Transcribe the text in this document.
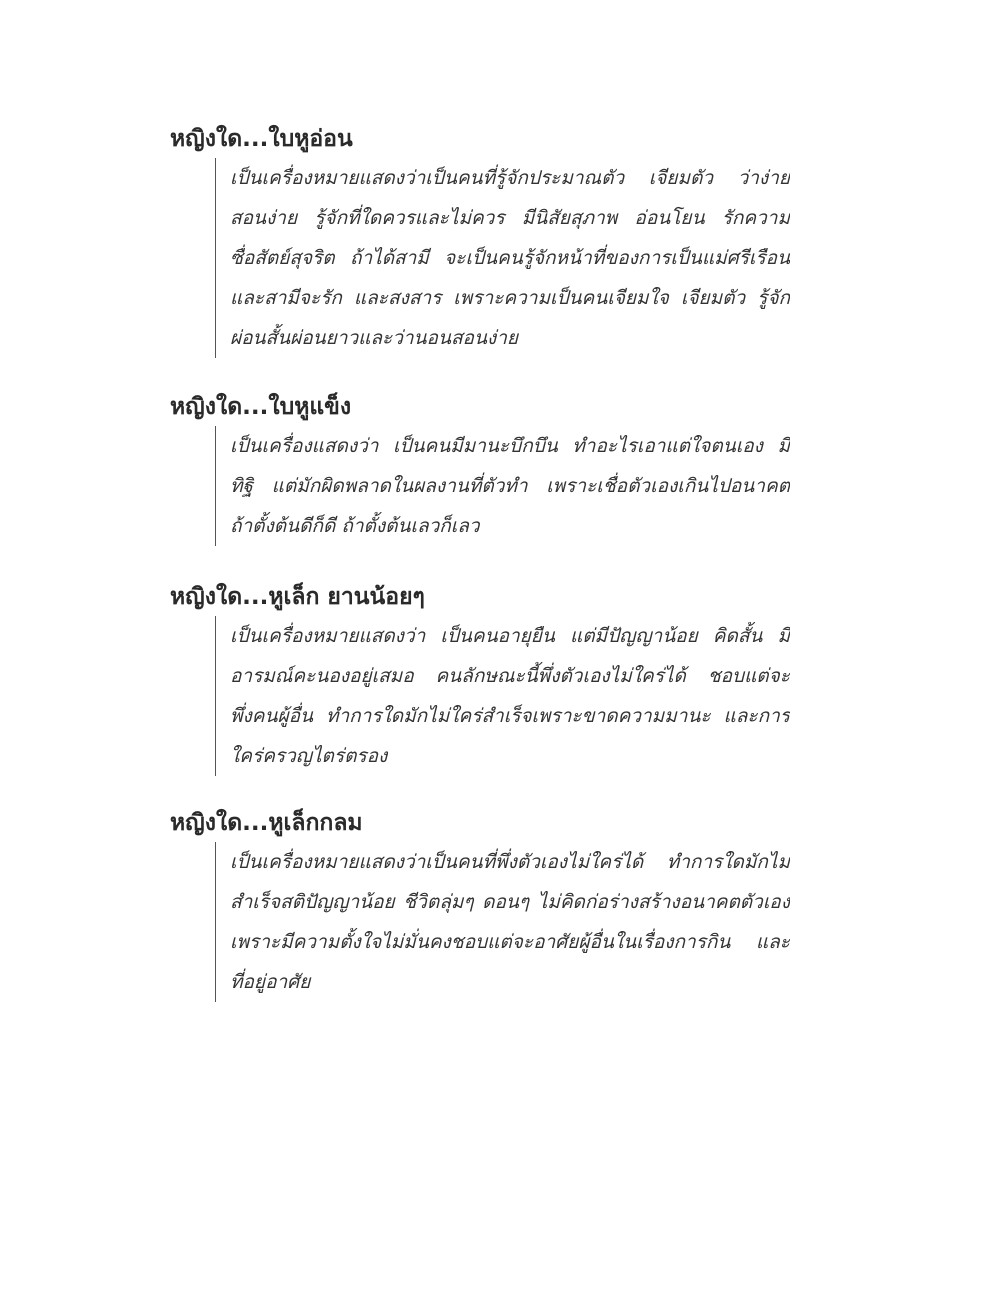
หญิงใด...ใบหูอ่อน
เป็นเครื่องหมายแสดงว่าเป็นคนที่รู้จักประมาณตัว เจียมตัว ว่าง่าย
สอนง่าย รู้จักที่ใดควรและไม่ควร มีนิสัยสุภาพ อ่อนโยน รักความ
ซื่อสัตย์สุจริต ถ้าได้สามี จะเป็นคนรู้จักหน้าที่ของการเป็นแม่ศรีเรือน
และสามีจะรัก และสงสาร เพราะความเป็นคนเจียมใจ เจียมตัว รู้จัก
ผ่อนสั้นผ่อนยาวและว่านอนสอนง่าย
หญิงใด...ใบหูแข็ง
เป็นเครื่องแสดงว่า เป็นคนมีมานะบึกบึน ทำอะไรเอาแต่ใจตนเอง มี
ทิฐิ แต่มักผิดพลาดในผลงานที่ตัวทำ เพราะเชื่อตัวเองเกินไปอนาคต
ถ้าตั้งต้นดีก็ดี ถ้าตั้งต้นเลวก็เลว
หญิงใด...หูเล็ก ยานน้อยๆ
เป็นเครื่องหมายแสดงว่า เป็นคนอายุยืน แต่มีปัญญาน้อย คิดสั้น มี
อารมณ์คะนองอยู่เสมอ คนลักษณะนี้พึ่งตัวเองไม่ใคร่ได้ ชอบแต่จะ
พึ่งคนผู้อื่น ทำการใดมักไม่ใคร่สำเร็จเพราะขาดความมานะ และการ
ใคร่ครวญไตร่ตรอง
หญิงใด...หูเล็กกลม
เป็นเครื่องหมายแสดงว่าเป็นคนที่พึ่งตัวเองไม่ใคร่ได้ ทำการใดมักไม่
สำเร็จสติปัญญาน้อย ชีวิตลุ่มๆ ดอนๆ ไม่คิดก่อร่างสร้างอนาคตตัวเอง
เพราะมีความตั้งใจไม่มั่นคงชอบแต่จะอาศัยผู้อื่นในเรื่องการกิน และ
ที่อยู่อาศัย
